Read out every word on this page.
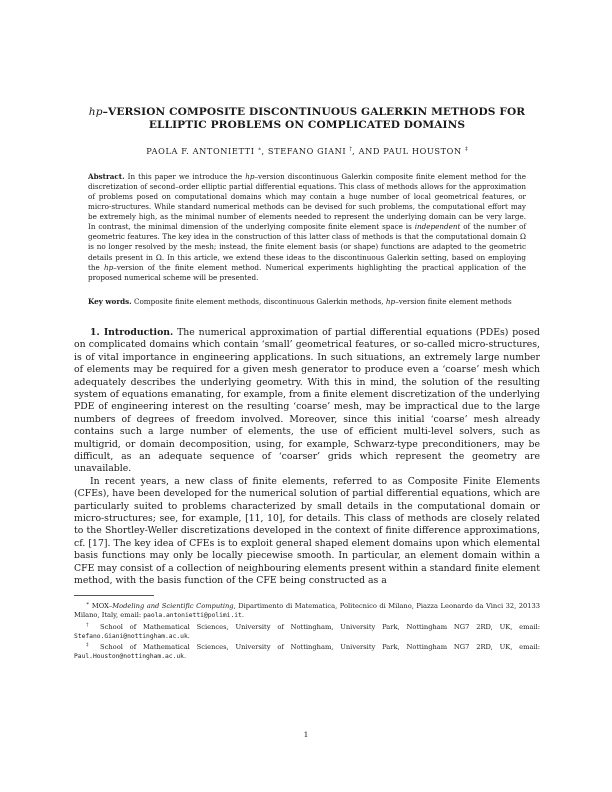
hp–VERSION COMPOSITE DISCONTINUOUS GALERKIN METHODS FOR ELLIPTIC PROBLEMS ON COMPLICATED DOMAINS
PAOLA F. ANTONIETTI ∗, STEFANO GIANI †, AND PAUL HOUSTON ‡

Abstract. In this paper we introduce the hp–version discontinuous Galerkin composite finite element method for the discretization of second–order elliptic partial differential equations. This class of methods allows for the approximation of problems posed on computational domains which may contain a huge number of local geometrical features, or micro-structures. While standard numerical methods can be devised for such problems, the computational effort may be extremely high, as the minimal number of elements needed to represent the underlying domain can be very large. In contrast, the minimal dimension of the underlying composite finite element space is independent of the number of geometric features. The key idea in the construction of this latter class of methods is that the computational domain Ω is no longer resolved by the mesh; instead, the finite element basis (or shape) functions are adapted to the geometric details present in Ω. In this article, we extend these ideas to the discontinuous Galerkin setting, based on employing the hp–version of the finite element method. Numerical experiments highlighting the practical application of the proposed numerical scheme will be presented.

Key words. Composite finite element methods, discontinuous Galerkin methods, hp–version finite element methods

1. Introduction. The numerical approximation of partial differential equations (PDEs) posed on complicated domains which contain ‘small’ geometrical features, or so-called micro-structures, is of vital importance in engineering applications. In such situations, an extremely large number of elements may be required for a given mesh generator to produce even a ‘coarse’ mesh which adequately describes the underlying geometry. With this in mind, the solution of the resulting system of equations emanating, for example, from a finite element discretization of the underlying PDE of engineering interest on the resulting ‘coarse’ mesh, may be impractical due to the large numbers of degrees of freedom involved. Moreover, since this initial ‘coarse’ mesh already contains such a large number of elements, the use of efficient multi-level solvers, such as multigrid, or domain decomposition, using, for example, Schwarz-type preconditioners, may be difficult, as an adequate sequence of ‘coarser’ grids which represent the geometry are unavailable.

In recent years, a new class of finite elements, referred to as Composite Finite Elements (CFEs), have been developed for the numerical solution of partial differential equations, which are particularly suited to problems characterized by small details in the computational domain or micro-structures; see, for example, [11, 10], for details. This class of methods are closely related to the Shortley-Weller discretizations developed in the context of finite difference approximations, cf. [17]. The key idea of CFEs is to exploit general shaped element domains upon which elemental basis functions may only be locally piecewise smooth. In particular, an element domain within a CFE may consist of a collection of neighbouring elements present within a standard finite element method, with the basis function of the CFE being constructed as a

∗ MOX–Modeling and Scientific Computing, Dipartimento di Matematica, Politecnico di Milano, Piazza Leonardo da Vinci 32, 20133 Milano, Italy, email: paola.antonietti@polimi.it.

† School of Mathematical Sciences, University of Nottingham, University Park, Nottingham NG7 2RD, UK, email: Stefano.Giani@nottingham.ac.uk.

‡ School of Mathematical Sciences, University of Nottingham, University Park, Nottingham NG7 2RD, UK, email: Paul.Houston@nottingham.ac.uk.

1
